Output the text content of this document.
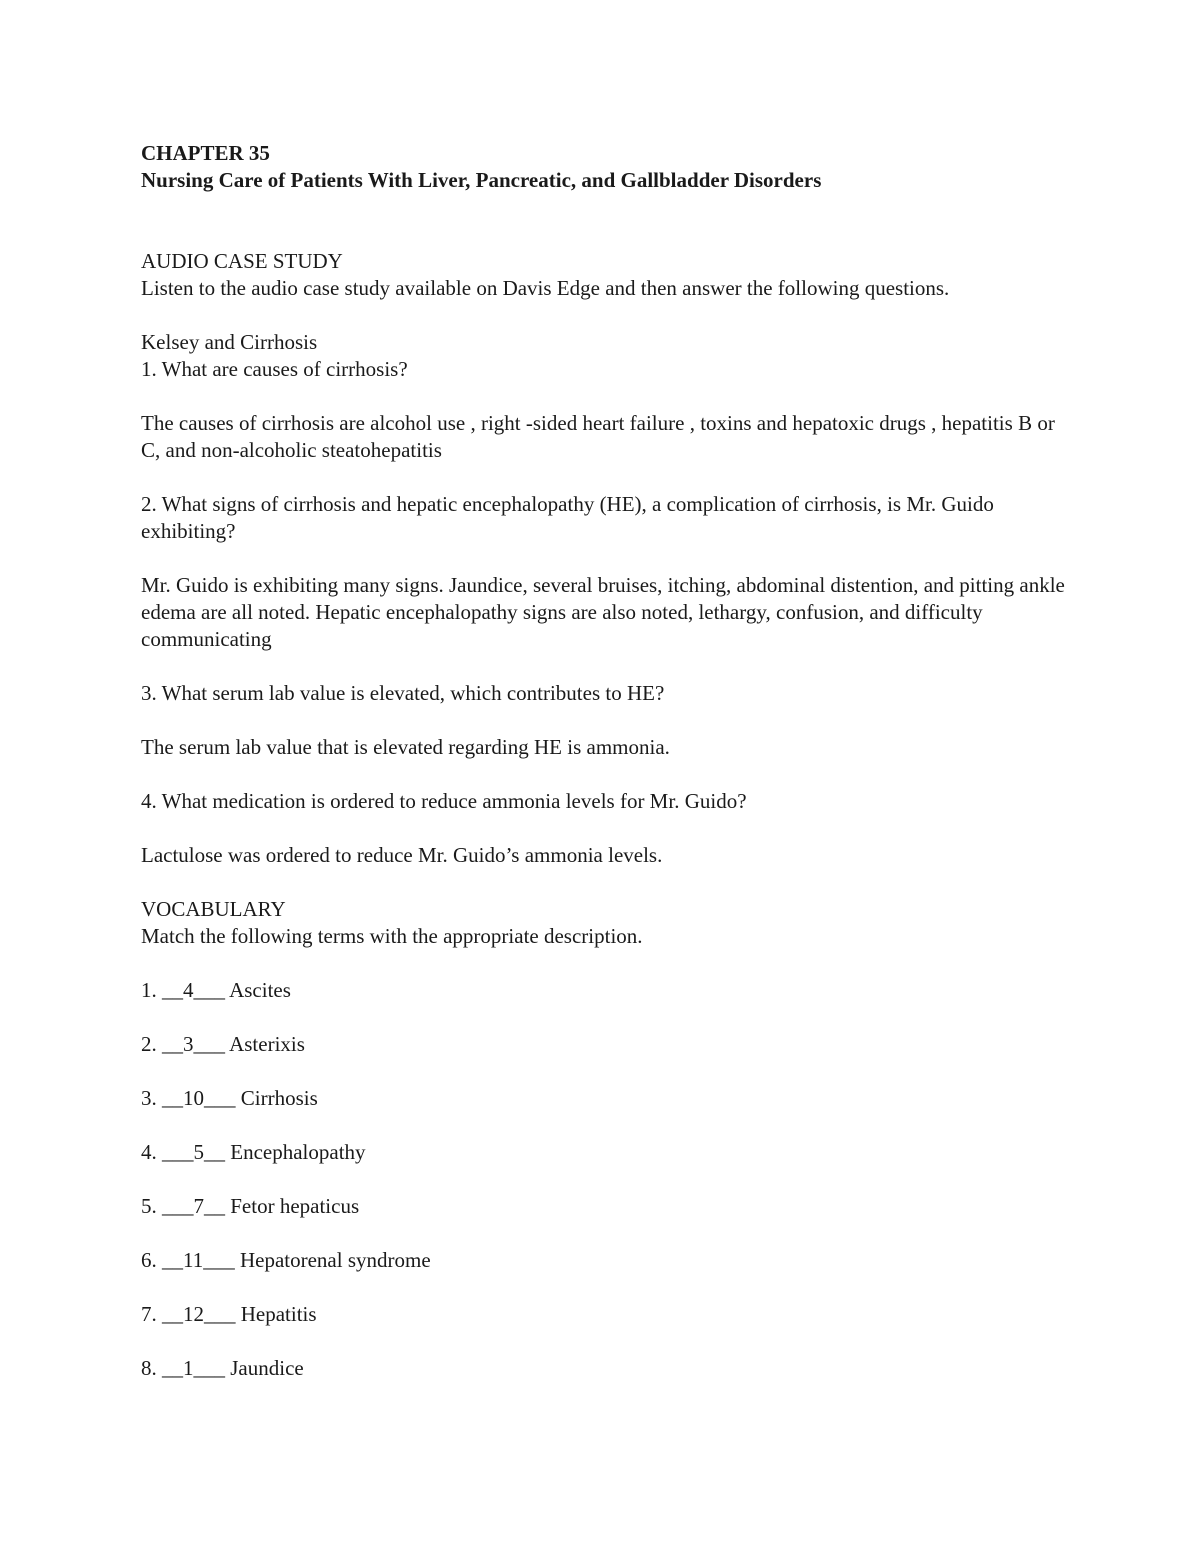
CHAPTER 35
Nursing Care of Patients With Liver, Pancreatic, and Gallbladder Disorders
AUDIO CASE STUDY
Listen to the audio case study available on Davis Edge and then answer the following questions.
Kelsey and Cirrhosis
1. What are causes of cirrhosis?
The causes of cirrhosis are alcohol use , right -sided heart failure , toxins and hepatoxic drugs , hepatitis B or C, and non-alcoholic steatohepatitis
2. What signs of cirrhosis and hepatic encephalopathy (HE), a complication of cirrhosis, is Mr. Guido exhibiting?
Mr. Guido is exhibiting many signs. Jaundice, several bruises, itching, abdominal distention, and pitting ankle edema are all noted. Hepatic encephalopathy signs are also noted, lethargy, confusion, and difficulty communicating
3. What serum lab value is elevated, which contributes to HE?
The serum lab value that is elevated regarding HE is ammonia.
4. What medication is ordered to reduce ammonia levels for Mr. Guido?
Lactulose was ordered to reduce Mr. Guido’s ammonia levels.
VOCABULARY
Match the following terms with the appropriate description.
1. __4___ Ascites
2. __3___ Asterixis
3. __10___ Cirrhosis
4. ___5__ Encephalopathy
5. ___7__ Fetor hepaticus
6. __11___ Hepatorenal syndrome
7. __12___ Hepatitis
8. __1___ Jaundice
